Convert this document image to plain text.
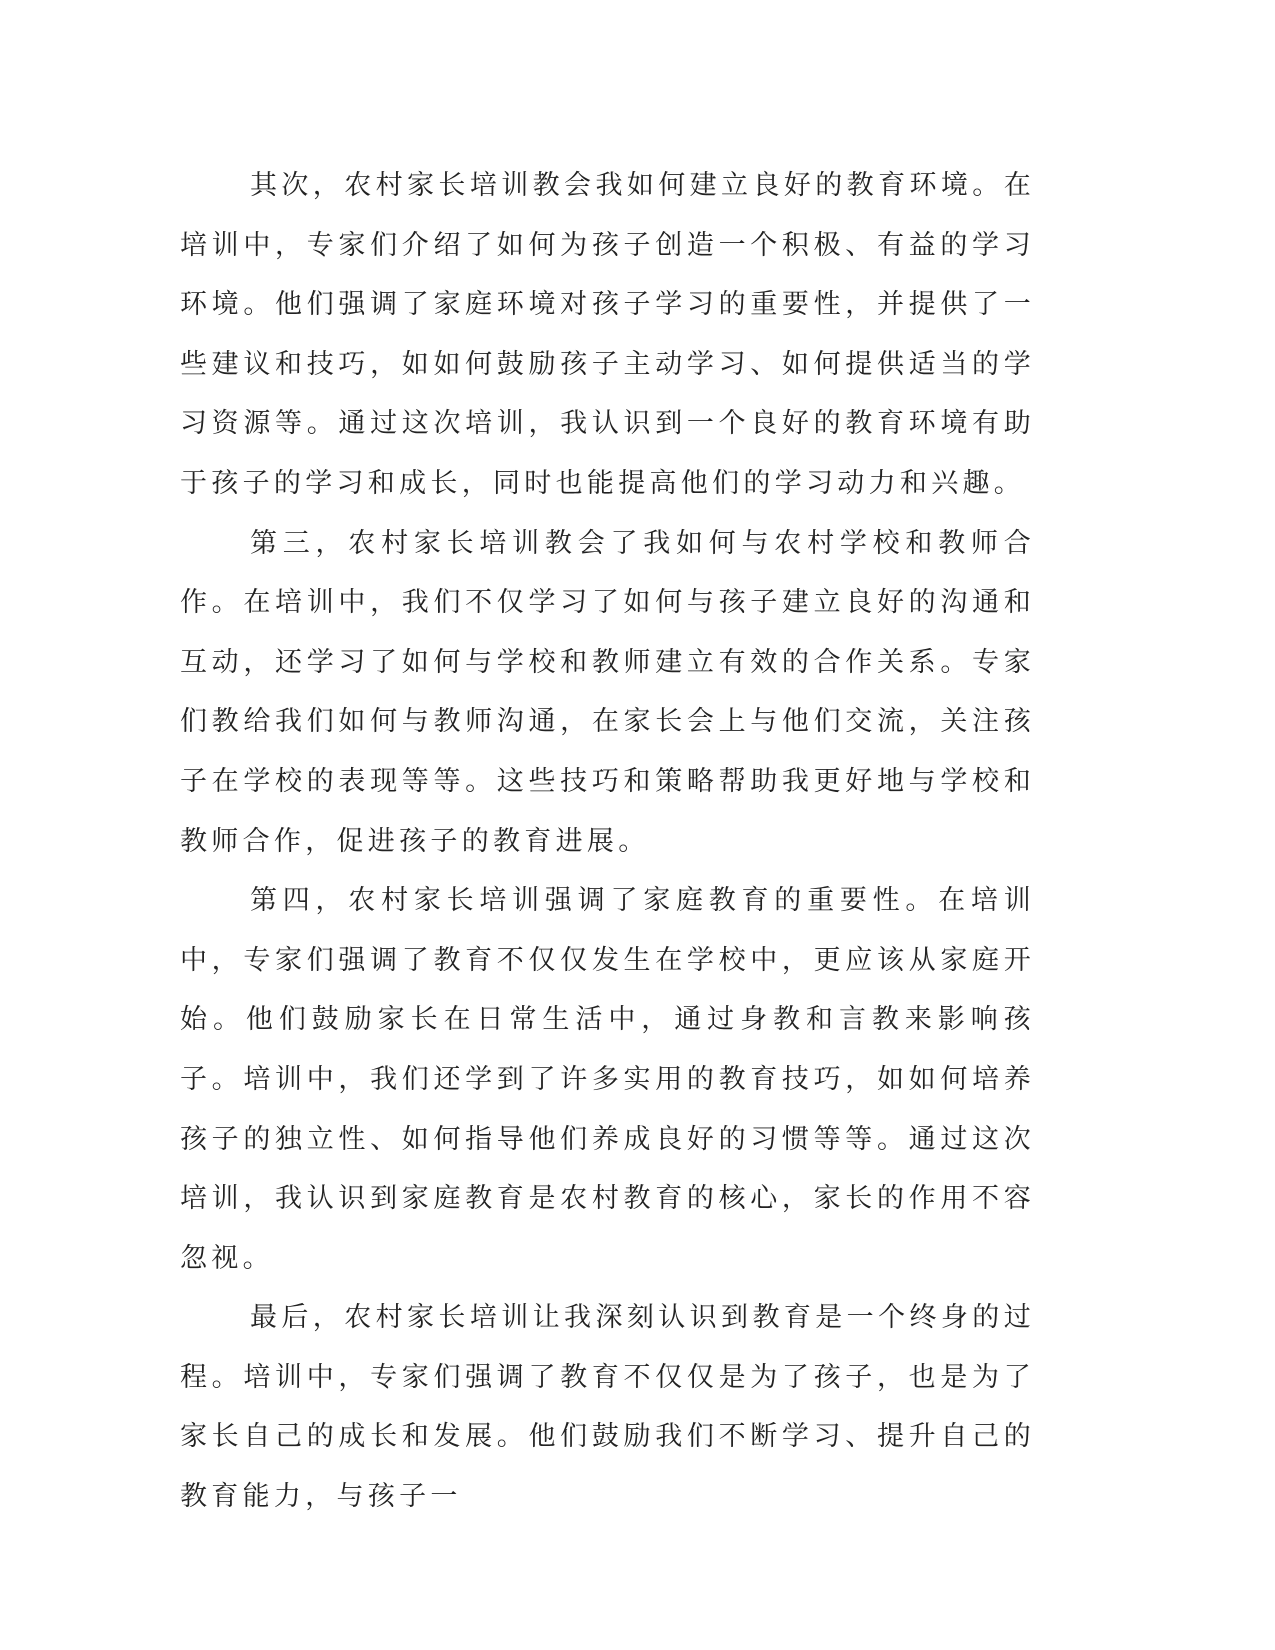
其次，农村家长培训教会我如何建立良好的教育环境。在培训中，专家们介绍了如何为孩子创造一个积极、有益的学习环境。他们强调了家庭环境对孩子学习的重要性，并提供了一些建议和技巧，如如何鼓励孩子主动学习、如何提供适当的学习资源等。通过这次培训，我认识到一个良好的教育环境有助于孩子的学习和成长，同时也能提高他们的学习动力和兴趣。

第三，农村家长培训教会了我如何与农村学校和教师合作。在培训中，我们不仅学习了如何与孩子建立良好的沟通和互动，还学习了如何与学校和教师建立有效的合作关系。专家们教给我们如何与教师沟通，在家长会上与他们交流，关注孩子在学校的表现等等。这些技巧和策略帮助我更好地与学校和教师合作，促进孩子的教育进展。

第四，农村家长培训强调了家庭教育的重要性。在培训中，专家们强调了教育不仅仅发生在学校中，更应该从家庭开始。他们鼓励家长在日常生活中，通过身教和言教来影响孩子。培训中，我们还学到了许多实用的教育技巧，如如何培养孩子的独立性、如何指导他们养成良好的习惯等等。通过这次培训，我认识到家庭教育是农村教育的核心，家长的作用不容忽视。

最后，农村家长培训让我深刻认识到教育是一个终身的过程。培训中，专家们强调了教育不仅仅是为了孩子，也是为了家长自己的成长和发展。他们鼓励我们不断学习、提升自己的教育能力，与孩子一
